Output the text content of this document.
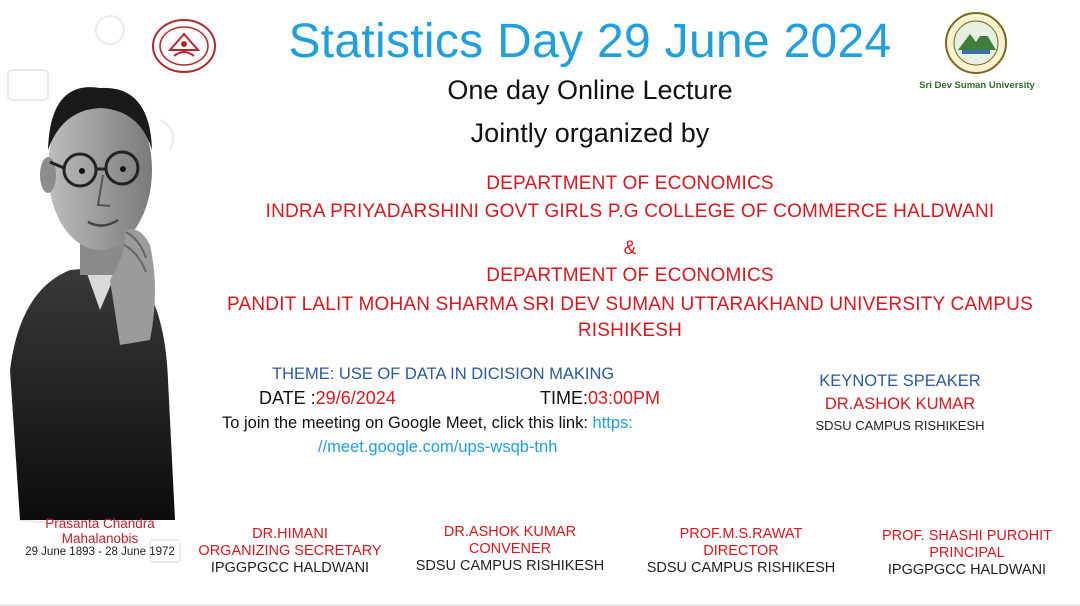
Prasanta Chandra Mahalanobis
29 June 1893 - 28 June 1972
Sri Dev Suman University
Statistics Day 29 June 2024
One day Online Lecture
Jointly organized by
DEPARTMENT OF ECONOMICS
INDRA PRIYADARSHINI GOVT GIRLS P.G COLLEGE OF COMMERCE HALDWANI
&
DEPARTMENT OF ECONOMICS
PANDIT LALIT MOHAN SHARMA SRI DEV SUMAN UTTARAKHAND UNIVERSITY CAMPUS
RISHIKESH
THEME: USE OF DATA IN DICISION MAKING
DATE :29/6/2024	TIME:03:00PM
To join the meeting on Google Meet, click this link: https:
//meet.google.com/ups-wsqb-tnh
KEYNOTE SPEAKER
DR.ASHOK KUMAR
SDSU CAMPUS RISHIKESH
DR.HIMANI
ORGANIZING SECRETARY
IPGGPGCC HALDWANI
DR.ASHOK KUMAR
CONVENER
SDSU CAMPUS RISHIKESH
PROF.M.S.RAWAT
DIRECTOR
SDSU CAMPUS RISHIKESH
PROF. SHASHI PUROHIT
PRINCIPAL
IPGGPGCC HALDWANI
